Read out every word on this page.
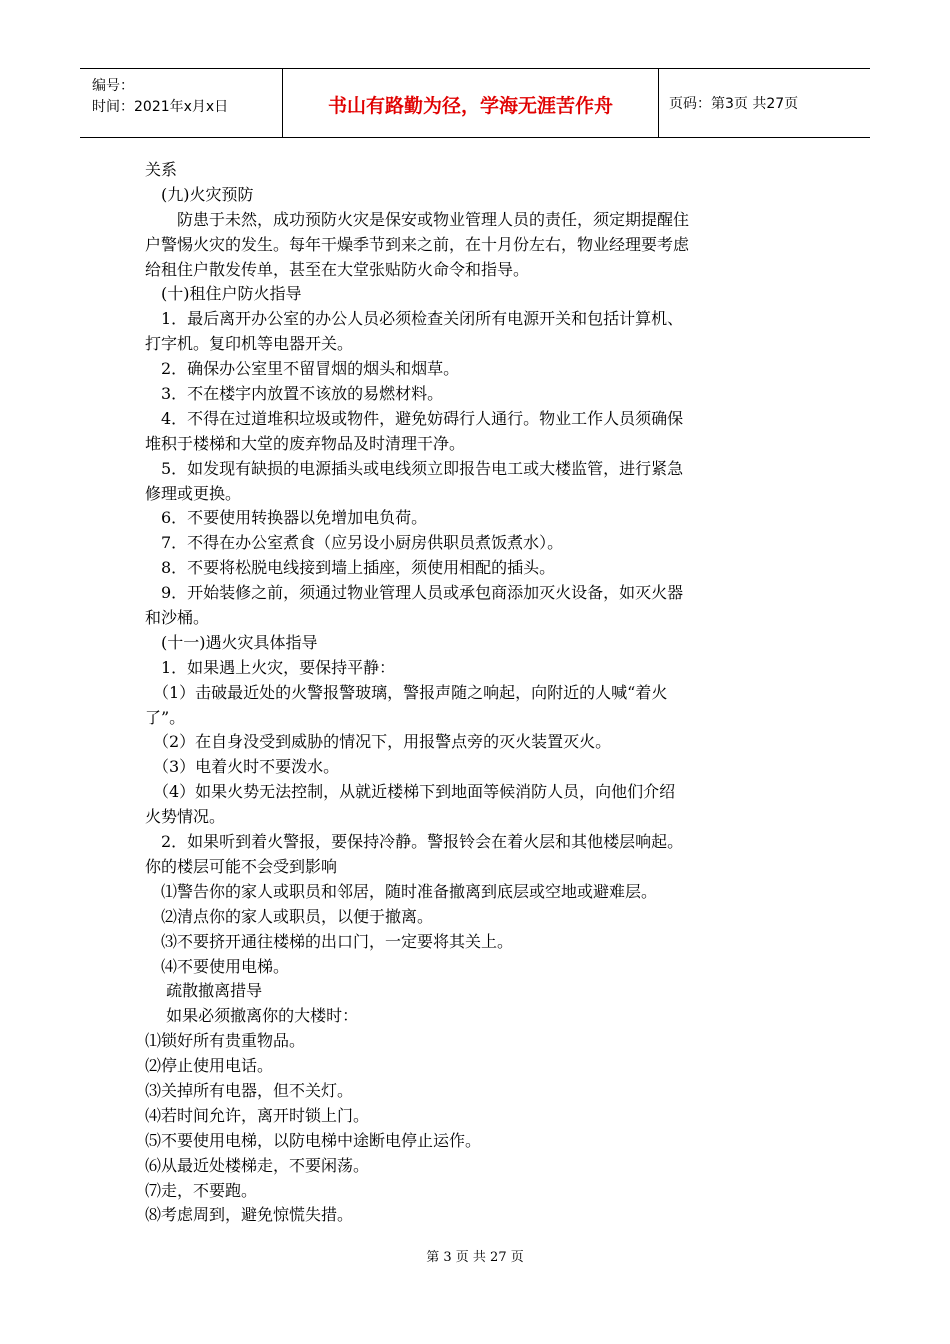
编号：
时间：2021年x月x日	书山有路勤为径，学海无涯苦作舟	页码：第3页 共27页
关系
　(九)火灾预防
　　防患于未然，成功预防火灾是保安或物业管理人员的责任，须定期提醒住
户警惕火灾的发生。每年干燥季节到来之前，在十月份左右，物业经理要考虑
给租住户散发传单，甚至在大堂张贴防火命令和指导。
　(十)租住户防火指导
　1．最后离开办公室的办公人员必须检查关闭所有电源开关和包括计算机、
打字机。复印机等电器开关。
　2．确保办公室里不留冒烟的烟头和烟草。
　3．不在楼宇内放置不该放的易燃材料。
　4．不得在过道堆积垃圾或物件，避免妨碍行人通行。物业工作人员须确保
堆积于楼梯和大堂的废弃物品及时清理干净。
　5．如发现有缺损的电源插头或电线须立即报告电工或大楼监管，进行紧急
修理或更换。
　6．不要使用转换器以免增加电负荷。
　7．不得在办公室煮食（应另设小厨房供职员煮饭煮水）。
　8．不要将松脱电线接到墙上插座，须使用相配的插头。
　9．开始装修之前，须通过物业管理人员或承包商添加灭火设备，如灭火器
和沙桶。
　(十一)遇火灾具体指导
　1．如果遇上火灾，要保持平静：
　（1）击破最近处的火警报警玻璃，警报声随之响起，向附近的人喊“着火
了”。
　（2）在自身没受到威胁的情况下，用报警点旁的灭火装置灭火。
　（3）电着火时不要泼水。
　（4）如果火势无法控制，从就近楼梯下到地面等候消防人员，向他们介绍
火势情况。
　2．如果听到着火警报，要保持冷静。警报铃会在着火层和其他楼层响起。
你的楼层可能不会受到影响
　⑴警告你的家人或职员和邻居，随时准备撤离到底层或空地或避难层。
　⑵清点你的家人或职员，以便于撤离。
　⑶不要挤开通往楼梯的出口门，一定要将其关上。
　⑷不要使用电梯。
　 疏散撤离措导
　 如果必须撤离你的大楼时：
⑴锁好所有贵重物品。
⑵停止使用电话。
⑶关掉所有电器，但不关灯。
⑷若时间允许，离开时锁上门。
⑸不要使用电梯，以防电梯中途断电停止运作。
⑹从最近处楼梯走，不要闲荡。
⑺走，不要跑。
⑻考虑周到，避免惊慌失措。
第 3 页 共 27 页
